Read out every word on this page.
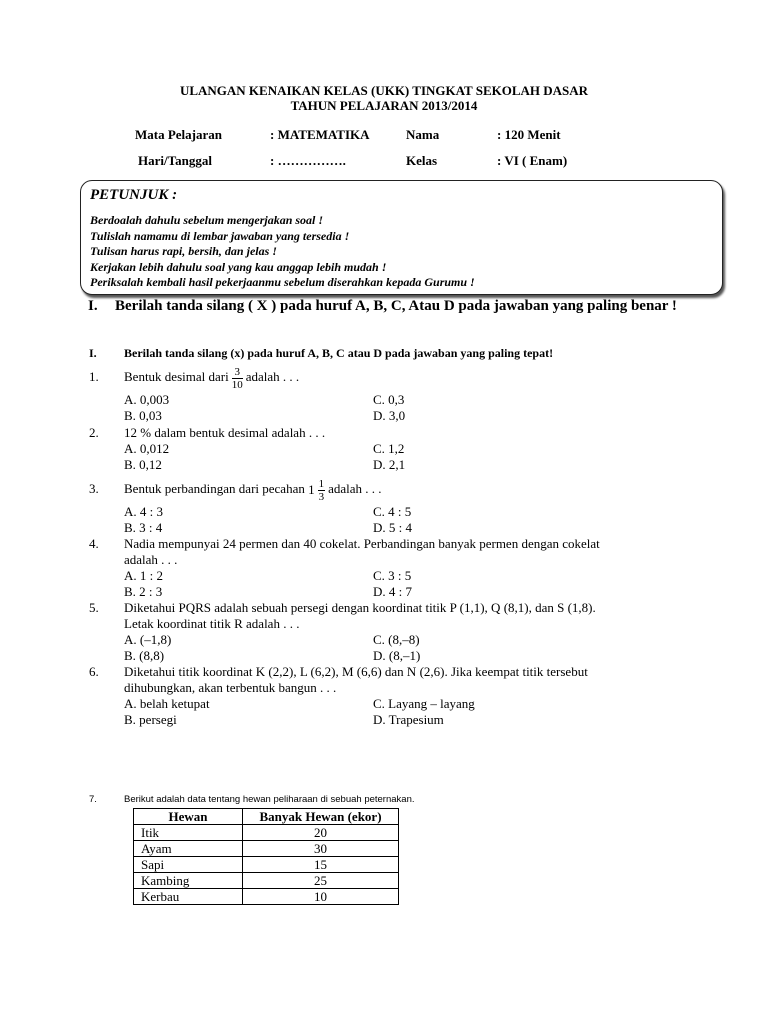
ULANGAN KENAIKAN KELAS (UKK) TINGKAT SEKOLAH DASAR
TAHUN PELAJARAN 2013/2014
Mata Pelajaran	: MATEMATIKA	Nama	: 120 Menit
Hari/Tanggal	: …………….	Kelas	: VI ( Enam)
PETUNJUK :
Berdoalah dahulu sebelum mengerjakan soal !
Tulislah namamu di lembar jawaban yang tersedia !
Tulisan harus rapi, bersih, dan jelas !
Kerjakan lebih dahulu soal yang kau anggap lebih mudah !
Periksalah kembali hasil pekerjaanmu sebelum diserahkan kepada Gurumu !
I. Berilah tanda silang ( X ) pada huruf A, B, C, Atau D pada jawaban yang paling benar !
I. Berilah tanda silang (x) pada huruf A, B, C atau D pada jawaban yang paling tepat!
1. Bentuk desimal dari $\frac{3}{10}$ adalah . . .
A. 0,003	C. 0,3
B. 0,03	D. 3,0
2. 12 % dalam bentuk desimal adalah . . .
A. 0,012	C. 1,2
B. 0,12	D. 2,1
3. Bentuk perbandingan dari pecahan $1 \frac{1}{3}$ adalah . . .
A. 4 : 3	C. 4 : 5
B. 3 : 4	D. 5 : 4
4. Nadia mempunyai 24 permen dan 40 cokelat. Perbandingan banyak permen dengan cokelat
adalah . . .
A. 1 : 2	C. 3 : 5
B. 2 : 3	D. 4 : 7
5. Diketahui PQRS adalah sebuah persegi dengan koordinat titik P (1,1), Q (8,1), dan S (1,8).
Letak koordinat titik R adalah . . .
A. (–1,8)	C. (8,–8)
B. (8,8)	D. (8,–1)
6. Diketahui titik koordinat K (2,2), L (6,2), M (6,6) dan N (2,6). Jika keempat titik tersebut
dihubungkan, akan terbentuk bangun . . .
A. belah ketupat	C. Layang – layang
B. persegi	D. Trapesium
7.	Berikut adalah data tentang hewan peliharaan di sebuah peternakan.
Hewan	Banyak Hewan (ekor)
Itik	20
Ayam	30
Sapi	15
Kambing	25
Kerbau	10
